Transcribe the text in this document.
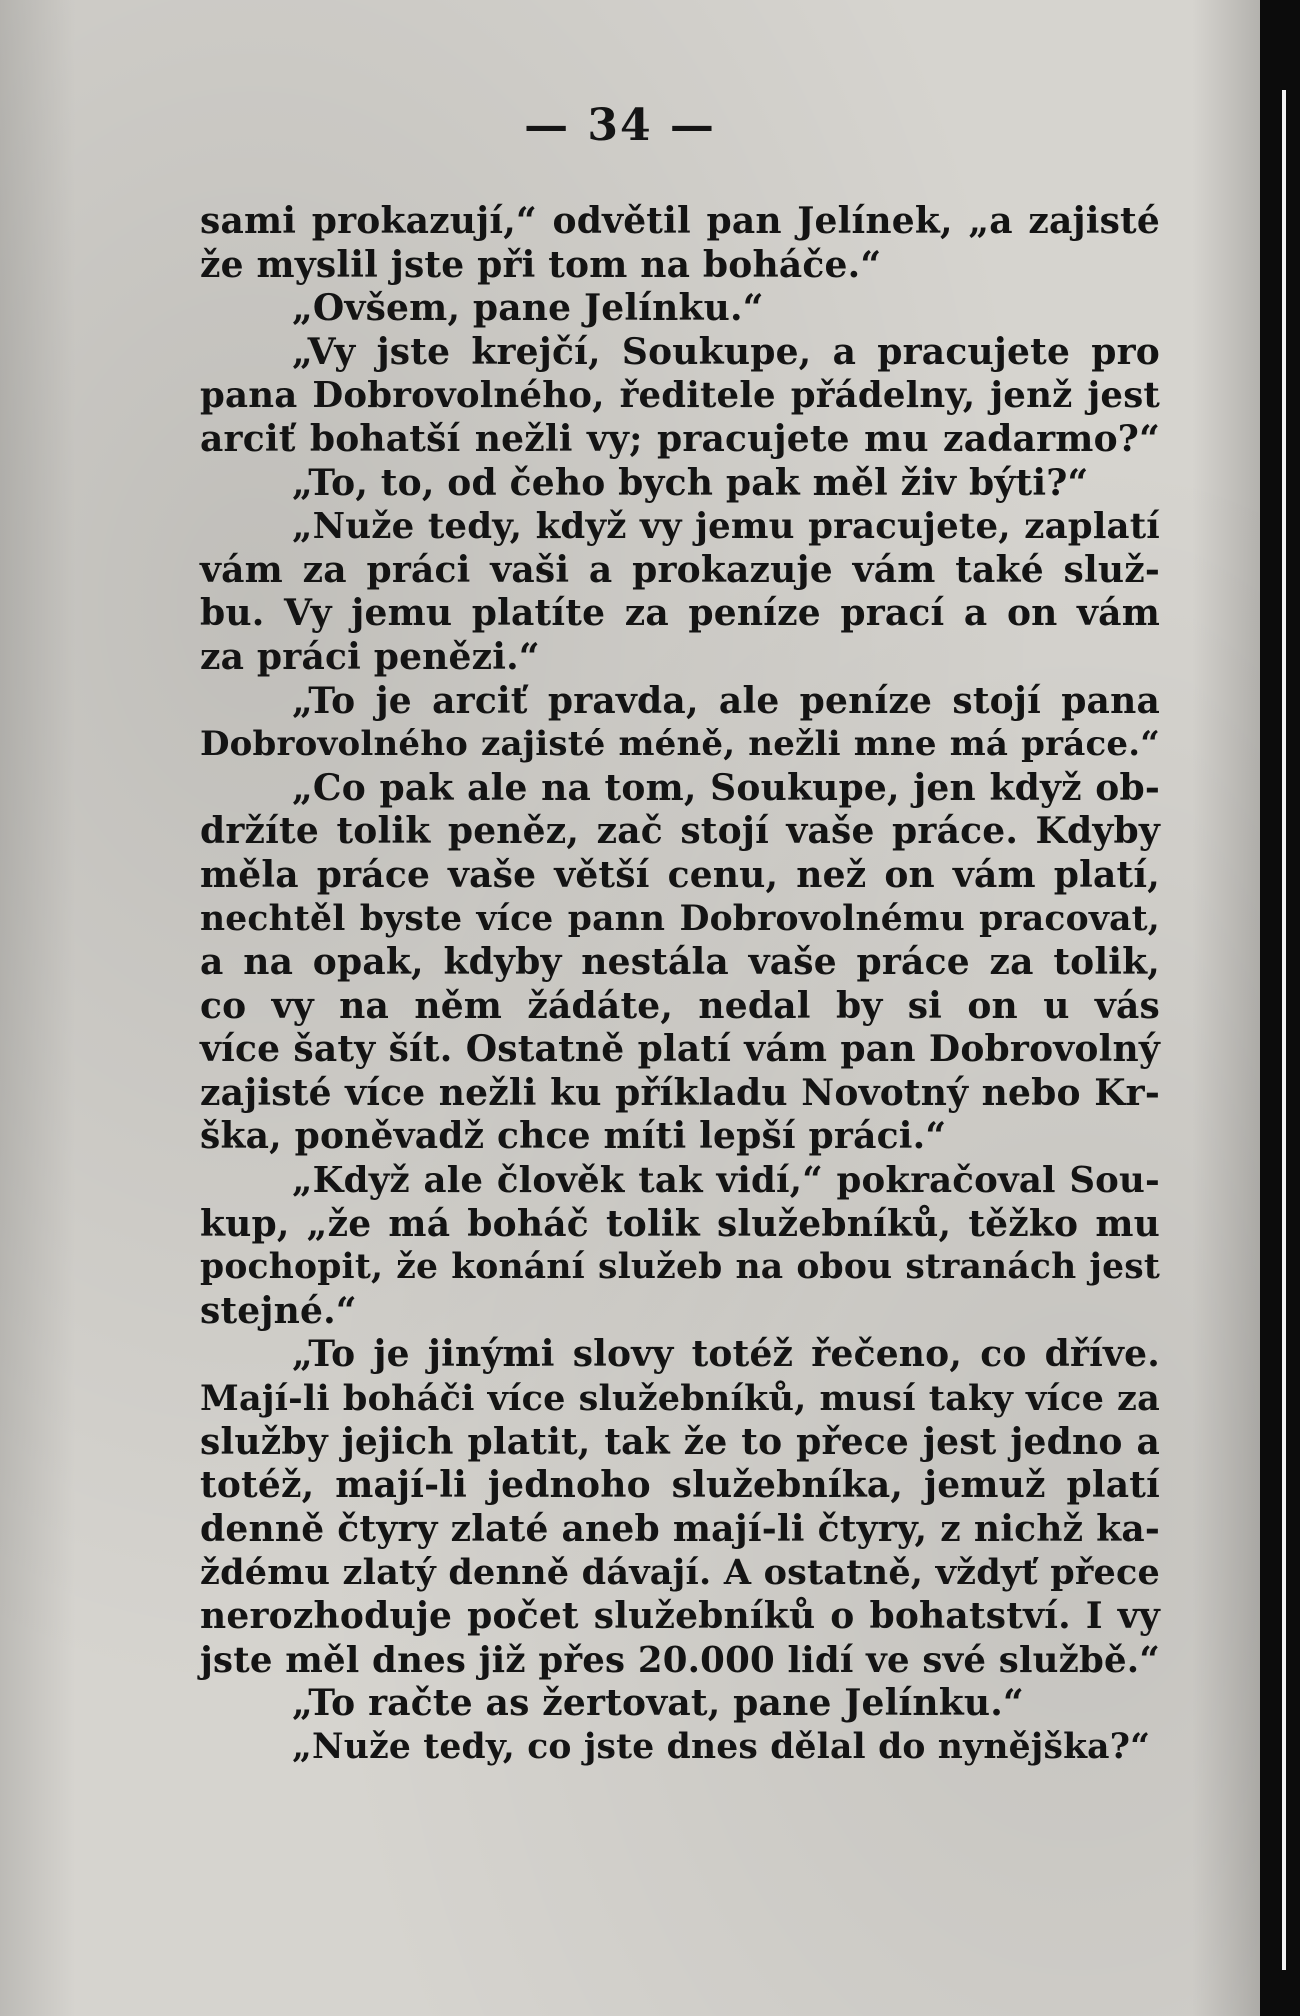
— 34 —
sami prokazují,“ odvětil pan Jelínek, „a zajisté
že myslil jste při tom na boháče.“
„Ovšem, pane Jelínku.“
„Vy jste krejčí, Soukupe, a pracujete pro
pana Dobrovolného, ředitele přádelny, jenž jest
arciť bohatší nežli vy; pracujete mu zadarmo?“
„To, to, od čeho bych pak měl živ býti?“
„Nuže tedy, když vy jemu pracujete, zaplatí
vám za práci vaši a prokazuje vám také služ-
bu. Vy jemu platíte za peníze prací a on vám
za práci penězi.“
„To je arciť pravda, ale peníze stojí pana
Dobrovolného zajisté méně, nežli mne má práce.“
„Co pak ale na tom, Soukupe, jen když ob-
držíte tolik peněz, zač stojí vaše práce. Kdyby
měla práce vaše větší cenu, než on vám platí,
nechtěl byste více pann Dobrovolnému pracovat,
a na opak, kdyby nestála vaše práce za tolik,
co vy na něm žádáte, nedal by si on u vás
více šaty šít. Ostatně platí vám pan Dobrovolný
zajisté více nežli ku příkladu Novotný nebo Kr-
ška, poněvadž chce míti lepší práci.“
„Když ale člověk tak vidí,“ pokračoval Sou-
kup, „že má boháč tolik služebníků, těžko mu
pochopit, že konání služeb na obou stranách jest
stejné.“
„To je jinými slovy totéž řečeno, co dříve.
Mají-li boháči více služebníků, musí taky více za
služby jejich platit, tak že to přece jest jedno a
totéž, mají-li jednoho služebníka, jemuž platí
denně čtyry zlaté aneb mají-li čtyry, z nichž ka-
ždému zlatý denně dávají. A ostatně, vždyť přece
nerozhoduje počet služebníků o bohatství. I vy
jste měl dnes již přes 20.000 lidí ve své službě.“
„To račte as žertovat, pane Jelínku.“
„Nuže tedy, co jste dnes dělal do nynějška?“
